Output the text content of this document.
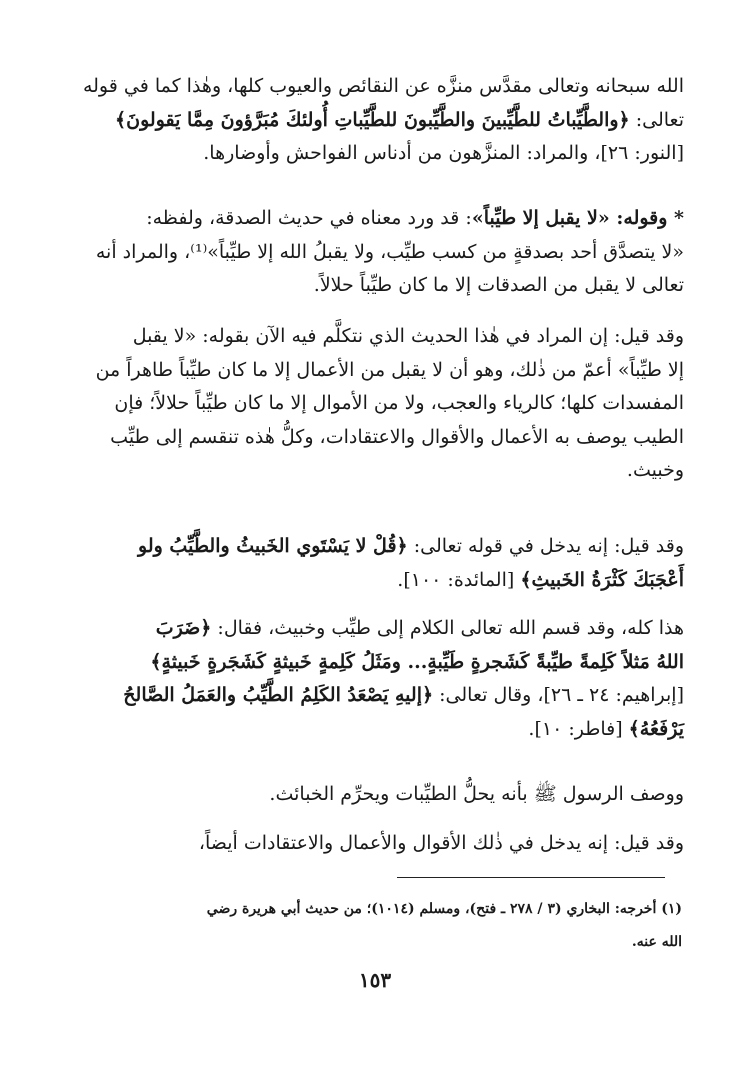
الله سبحانه وتعالى مقدَّس منزَّه عن النقائص والعيوب كلها، وهٰذا كما في قوله
تعالى: ﴿والطَّيِّباتُ للطَّيِّبينَ والطَّيِّبونَ للطَّيِّباتِ أُولئكَ مُبَرَّؤونَ مِمَّا يَقولونَ﴾
[النور: ٢٦]، والمراد: المنزَّهون من أدناس الفواحش وأوضارها.
* وقوله: «لا يقبل إلا طيِّباً»: قد ورد معناه في حديث الصدقة، ولفظه:
«لا يتصدَّق أحد بصدقةٍ من كسب طيِّب، ولا يقبلُ الله إلا طيِّباً»⁽¹⁾، والمراد أنه
تعالى لا يقبل من الصدقات إلا ما كان طيِّباً حلالاً.
وقد قيل: إن المراد في هٰذا الحديث الذي نتكلَّم فيه الآن بقوله: «لا يقبل
إلا طيِّباً» أعمّ من ذٰلك، وهو أن لا يقبل من الأعمال إلا ما كان طيِّباً طاهراً من
المفسدات كلها؛ كالرياء والعجب، ولا من الأموال إلا ما كان طيِّباً حلالاً؛ فإن
الطيب يوصف به الأعمال والأقوال والاعتقادات، وكلُّ هٰذه تنقسم إلى طيِّب
وخبيث.
وقد قيل: إنه يدخل في قوله تعالى: ﴿قُلْ لا يَسْتَوي الخَبيثُ والطَّيِّبُ ولو
أَعْجَبَكَ كَثْرَةُ الخَبيثِ﴾ [المائدة: ١٠٠].
هذا كله، وقد قسم الله تعالى الكلام إلى طيِّب وخبيث، فقال: ﴿ضَرَبَ
اللهُ مَثلاً كَلِمةً طيِّبةً كَشَجرةٍ طَيِّبةٍ... ومَثَلُ كَلِمةٍ خَبيثةٍ كَشَجَرةٍ خَبيثةٍ﴾
[إبراهيم: ٢٤ ـ ٢٦]، وقال تعالى: ﴿إليهِ يَصْعَدُ الكَلِمُ الطَّيِّبُ والعَمَلُ الصَّالحُ
يَرْفَعُهُ﴾ [فاطر: ١٠].
ووصف الرسول ﷺ بأنه يحلُّ الطيِّبات ويحرِّم الخبائث.
وقد قيل: إنه يدخل في ذٰلك الأقوال والأعمال والاعتقادات أيضاً،
(١) أخرجه: البخاري (٣ / ٢٧٨ ـ فتح)، ومسلم (١٠١٤)؛ من حديث أبي هريرة رضي
الله عنه.
١٥٣
